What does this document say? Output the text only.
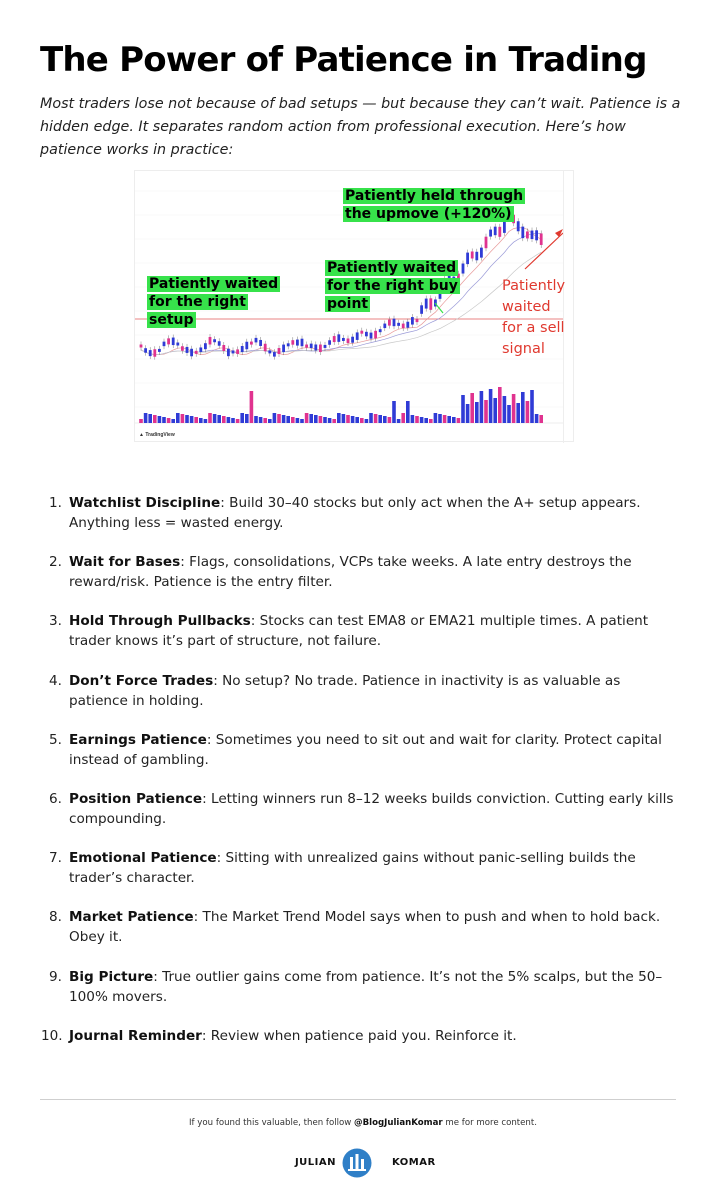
The Power of Patience in Trading

Most traders lose not because of bad setups — but because they can’t wait. Patience is a hidden edge. It separates random action from professional execution. Here’s how patience works in practice:

Patiently held through the upmove (+120%)
Patiently waited for the right buy point
Patiently waited for the right setup
Patiently waited for a sell signal
▲ TradingView
1. Watchlist Discipline: Build 30–40 stocks but only act when the A+ setup appears. Anything less = wasted energy.
2. Wait for Bases: Flags, consolidations, VCPs take weeks. A late entry destroys the reward/risk. Patience is the entry filter.
3. Hold Through Pullbacks: Stocks can test EMA8 or EMA21 multiple times. A patient trader knows it’s part of structure, not failure.
4. Don’t Force Trades: No setup? No trade. Patience in inactivity is as valuable as patience in holding.
5. Earnings Patience: Sometimes you need to sit out and wait for clarity. Protect capital instead of gambling.
6. Position Patience: Letting winners run 8–12 weeks builds conviction. Cutting early kills compounding.
7. Emotional Patience: Sitting with unrealized gains without panic-selling builds the trader’s character.
8. Market Patience: The Market Trend Model says when to push and when to hold back. Obey it.
9. Big Picture: True outlier gains come from patience. It’s not the 5% scalps, but the 50–100% movers.
10. Journal Reminder: Review when patience paid you. Reinforce it.
If you found this valuable, then follow @BlogJulianKomar me for more content.
JULIAN	KOMAR
